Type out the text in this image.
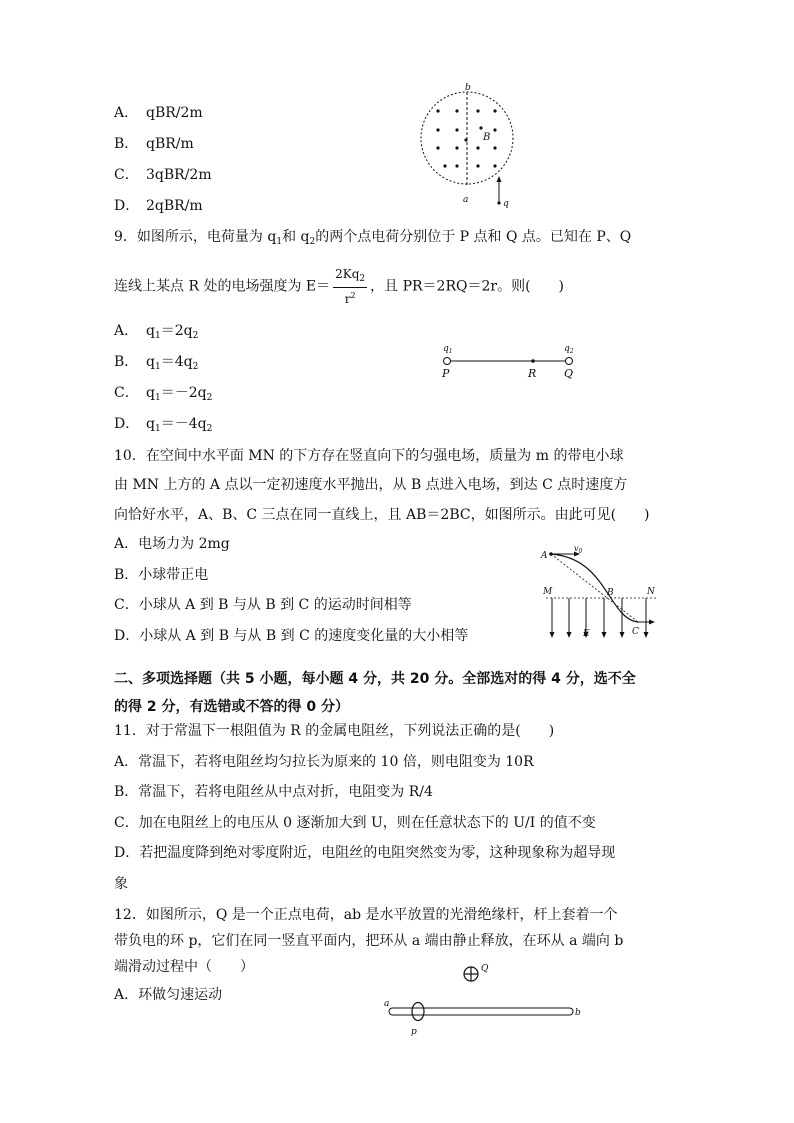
A． qBR/2m
B． qBR/m
C． 3qBR/2m
D． 2qBR/m
b
a
B
q
9．如图所示，电荷量为 $q_1$和 $q_2$的两个点电荷分别位于 P 点和 Q 点。已知在 P、Q
连线上某点 R 处的电场强度为 $E= \frac{2Kq_2}{r^2}$ ，且 PR＝2RQ＝2r。则(　　)
A． $q_1=2q_2$
B． $q_1=4q_2$
C． $q_1=-2q_2$
D． $q_1=-4q_2$
$q_1$	$q_2$
P	R	Q
10．在空间中水平面 MN 的下方存在竖直向下的匀强电场，质量为 m 的带电小球
由 MN 上方的 A 点以一定初速度水平抛出，从 B 点进入电场，到达 C 点时速度方
向恰好水平，A、B、C 三点在同一直线上，且 AB＝2BC，如图所示。由此可见(　　)
A．电场力为 2mg
B．小球带正电
C．小球从 A 到 B 与从 B 到 C 的运动时间相等
D．小球从 A 到 B 与从 B 到 C 的速度变化量的大小相等
A
$v_0$
M	B	N
E	C
二、多项选择题（共 5 小题，每小题 4 分，共 20 分。全部选对的得 4 分，选不全
的得 2 分，有选错或不答的得 0 分）
11．对于常温下一根阻值为 R 的金属电阻丝，下列说法正确的是(　　)
A．常温下，若将电阻丝均匀拉长为原来的 10 倍，则电阻变为 10R
B．常温下，若将电阻丝从中点对折，电阻变为 R/4
C．加在电阻丝上的电压从 0 逐渐加大到 U，则在任意状态下的 U/I 的值不变
D．若把温度降到绝对零度附近，电阻丝的电阻突然变为零，这种现象称为超导现
象
12．如图所示，Q 是一个正点电荷，ab 是水平放置的光滑绝缘杆，杆上套着一个
带负电的环 p，它们在同一竖直平面内，把环从 a 端由静止释放，在环从 a 端向 b
端滑动过程中（　　）
A．环做匀速运动
Q
a
b
p
